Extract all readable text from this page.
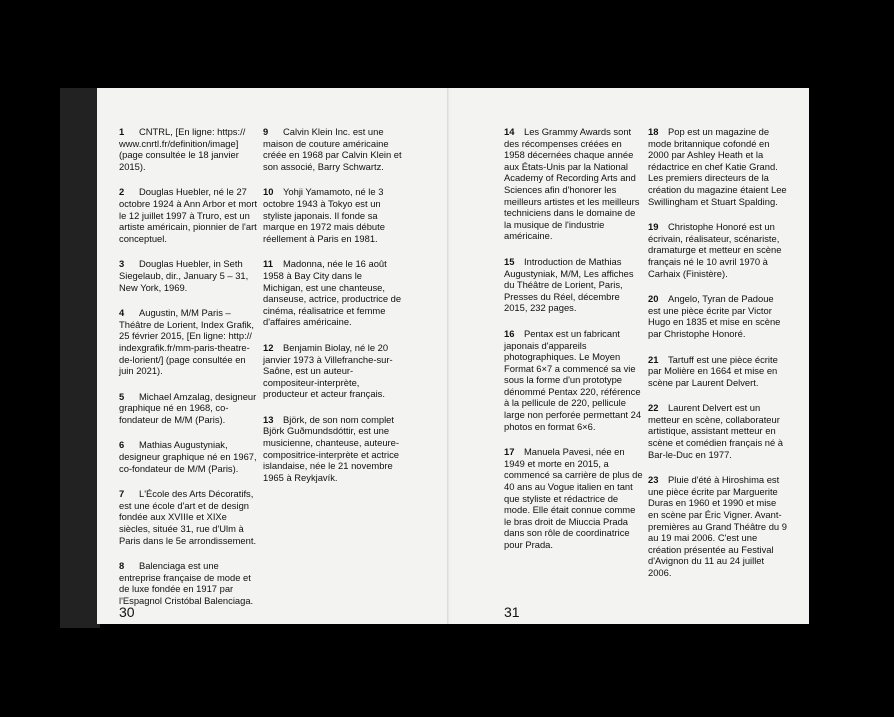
1 CNTRL, [En ligne: https:// www.cnrtl.fr/definition/image] (page consultée le 18 janvier 2015).

2 Douglas Huebler, né le 27 octobre 1924 à Ann Arbor et mort le 12 juillet 1997 à Truro, est un artiste américain, pionnier de l'art conceptuel.

3 Douglas Huebler, in Seth Siegelaub, dir., January 5 – 31, New York, 1969.

4 Augustin, M/M Paris – Théâtre de Lorient, Index Grafik, 25 février 2015, [En ligne: http:// indexgrafik.fr/mm-paris-theatre-de-lorient/] (page consultée en juin 2021).

5 Michael Amzalag, designeur graphique né en 1968, co-fondateur de M/M (Paris).

6 Mathias Augustyniak, designeur graphique né en 1967, co-fondateur de M/M (Paris).

7 L'École des Arts Décoratifs, est une école d'art et de design fondée aux XVIIIe et XIXe siècles, située 31, rue d'Ulm à Paris dans le 5e arrondissement.

8 Balenciaga est une entreprise française de mode et de luxe fondée en 1917 par l'Espagnol Cristóbal Balenciaga.

9 Calvin Klein Inc. est une maison de couture américaine créée en 1968 par Calvin Klein et son associé, Barry Schwartz.

10 Yohji Yamamoto, né le 3 octobre 1943 à Tokyo est un styliste japonais. Il fonde sa marque en 1972 mais débute réellement à Paris en 1981.

11 Madonna, née le 16 août 1958 à Bay City dans le Michigan, est une chanteuse, danseuse, actrice, productrice de cinéma, réalisatrice et femme d'affaires américaine.

12 Benjamin Biolay, né le 20 janvier 1973 à Villefranche-sur-Saône, est un auteur-compositeur-interprète, producteur et acteur français.

13 Björk, de son nom complet Björk Guðmundsdóttir, est une musicienne, chanteuse, auteure-compositrice-interprète et actrice islandaise, née le 21 novembre 1965 à Reykjavík.

30

14 Les Grammy Awards sont des récompenses créées en 1958 décernées chaque année aux États-Unis par la National Academy of Recording Arts and Sciences afin d'honorer les meilleurs artistes et les meilleurs techniciens dans le domaine de la musique de l'industrie américaine.

15 Introduction de Mathias Augustyniak, M/M, Les affiches du Théâtre de Lorient, Paris, Presses du Réel, décembre 2015, 232 pages.

16 Pentax est un fabricant japonais d'appareils photographiques. Le Moyen Format 6×7 a commencé sa vie sous la forme d'un prototype dénommé Pentax 220, référence à la pellicule de 220, pellicule large non perforée permettant 24 photos en format 6×6.

17 Manuela Pavesi, née en 1949 et morte en 2015, a commencé sa carrière de plus de 40 ans au Vogue italien en tant que styliste et rédactrice de mode. Elle était connue comme le bras droit de Miuccia Prada dans son rôle de coordinatrice pour Prada.

18 Pop est un magazine de mode britannique cofondé en 2000 par Ashley Heath et la rédactrice en chef Katie Grand. Les premiers directeurs de la création du magazine étaient Lee Swillingham et Stuart Spalding.

19 Christophe Honoré est un écrivain, réalisateur, scénariste, dramaturge et metteur en scène français né le 10 avril 1970 à Carhaix (Finistère).

20 Angelo, Tyran de Padoue est une pièce écrite par Victor Hugo en 1835 et mise en scène par Christophe Honoré.

21 Tartuff est une pièce écrite par Molière en 1664 et mise en scène par Laurent Delvert.

22 Laurent Delvert est un metteur en scène, collaborateur artistique, assistant metteur en scène et comédien français né à Bar-le-Duc en 1977.

23 Pluie d'été à Hiroshima est une pièce écrite par Marguerite Duras en 1960 et 1990 et mise en scène par Éric Vigner. Avant-premières au Grand Théâtre du 9 au 19 mai 2006. C'est une création présentée au Festival d'Avignon du 11 au 24 juillet 2006.

31
